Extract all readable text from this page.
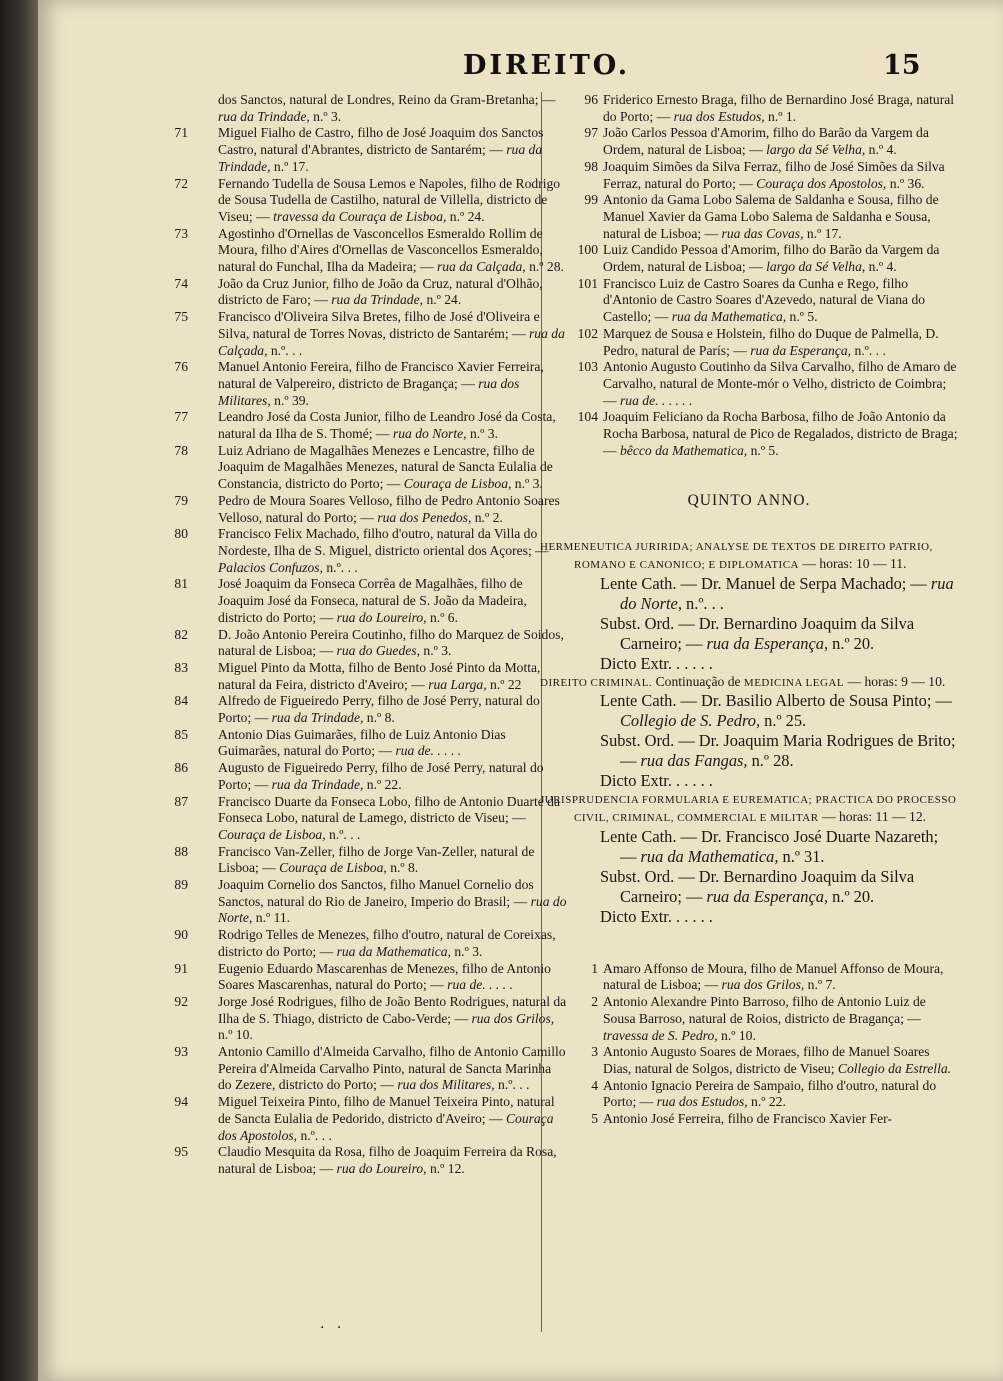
DIREITO.	15

dos Sanctos, natural de Londres, Reino da Gram-Bretanha; — rua da Trindade, n.º 3.

71 Miguel Fialho de Castro, filho de José Joaquim dos Sanctos Castro, natural d'Abrantes, districto de Santarém; — rua da Trindade, n.º 17.

72 Fernando Tudella de Sousa Lemos e Napoles, filho de Rodrigo de Sousa Tudella de Castilho, natural de Villella, districto de Viseu; — travessa da Couraça de Lisboa, n.º 24.

73 Agostinho d'Ornellas de Vasconcellos Esmeraldo Rollim de Moura, filho d'Aires d'Ornellas de Vasconcellos Esmeraldo, natural do Funchal, Ilha da Madeira; — rua da Calçada, n.º 28.

74 João da Cruz Junior, filho de João da Cruz, natural d'Olhão, districto de Faro; — rua da Trindade, n.º 24.

75 Francisco d'Oliveira Silva Bretes, filho de José d'Oliveira e Silva, natural de Torres Novas, districto de Santarém; — rua da Calçada, n.º. . .

76 Manuel Antonio Fereira, filho de Francisco Xavier Ferreira, natural de Valpereiro, districto de Bragança; — rua dos Militares, n.º 39.

77 Leandro José da Costa Junior, filho de Leandro José da Costa, natural da Ilha de S. Thomé; — rua do Norte, n.º 3.

78 Luiz Adriano de Magalhães Menezes e Lencastre, filho de Joaquim de Magalhães Menezes, natural de Sancta Eulalia de Constancia, districto do Porto; — Couraça de Lisboa, n.º 3.

79 Pedro de Moura Soares Velloso, filho de Pedro Antonio Soares Velloso, natural do Porto; — rua dos Penedos, n.º 2.

80 Francisco Felix Machado, filho d'outro, natural da Villa do Nordeste, Ilha de S. Miguel, districto oriental dos Açores; — Palacios Confuzos, n.º. . .

81 José Joaquim da Fonseca Corrêa de Magalhães, filho de Joaquim José da Fonseca, natural de S. João da Madeira, districto do Porto; — rua do Loureiro, n.º 6.

82 D. João Antonio Pereira Coutinho, filho do Marquez de Soidos, natural de Lisboa; — rua do Guedes, n.º 3.

83 Miguel Pinto da Motta, filho de Bento José Pinto da Motta, natural da Feira, districto d'Aveiro; — rua Larga, n.º 22

84 Alfredo de Figueiredo Perry, filho de José Perry, natural do Porto; — rua da Trindade, n.º 8.

85 Antonio Dias Guimarães, filho de Luiz Antonio Dias Guimarães, natural do Porto; — rua de. . . . .

86 Augusto de Figueiredo Perry, filho de José Perry, natural do Porto; — rua da Trindade, n.º 22.

87 Francisco Duarte da Fonseca Lobo, filho de Antonio Duarte da Fonseca Lobo, natural de Lamego, districto de Viseu; — Couraça de Lisboa, n.º. . .

88 Francisco Van-Zeller, filho de Jorge Van-Zeller, natural de Lisboa; — Couraça de Lisboa, n.º 8.

89 Joaquim Cornelio dos Sanctos, filho Manuel Cornelio dos Sanctos, natural do Rio de Janeiro, Imperio do Brasil; — rua do Norte, n.º 11.

90 Rodrigo Telles de Menezes, filho d'outro, natural de Coreixas, districto do Porto; — rua da Mathematica, n.º 3.

91 Eugenio Eduardo Mascarenhas de Menezes, filho de Antonio Soares Mascarenhas, natural do Porto; — rua de. . . . .

92 Jorge José Rodrigues, filho de João Bento Rodrigues, natural da Ilha de S. Thiago, districto de Cabo-Verde; — rua dos Grilos, n.º 10.

93 Antonio Camillo d'Almeida Carvalho, filho de Antonio Camillo Pereira d'Almeida Carvalho Pinto, natural de Sancta Marinha do Zezere, districto do Porto; — rua dos Militares, n.º. . .

94 Miguel Teixeira Pinto, filho de Manuel Teixeira Pinto, natural de Sancta Eulalia de Pedorido, districto d'Aveiro; — Couraça dos Apostolos, n.º. . .

95 Claudio Mesquita da Rosa, filho de Joaquim Ferreira da Rosa, natural de Lisboa; — rua do Loureiro, n.º 12.

96 Friderico Ernesto Braga, filho de Bernardino José Braga, natural do Porto; — rua dos Estudos, n.º 1.

97 João Carlos Pessoa d'Amorim, filho do Barão da Vargem da Ordem, natural de Lisboa; — largo da Sé Velha, n.º 4.

98 Joaquim Simões da Silva Ferraz, filho de José Simões da Silva Ferraz, natural do Porto; — Couraça dos Apostolos, n.º 36.

99 Antonio da Gama Lobo Salema de Saldanha e Sousa, filho de Manuel Xavier da Gama Lobo Salema de Saldanha e Sousa, natural de Lisboa; — rua das Covas, n.º 17.

100 Luiz Candido Pessoa d'Amorim, filho do Barão da Vargem da Ordem, natural de Lisboa; — largo da Sé Velha, n.º 4.

101 Francisco Luiz de Castro Soares da Cunha e Rego, filho d'Antonio de Castro Soares d'Azevedo, natural de Viana do Castello; — rua da Mathematica, n.º 5.

102 Marquez de Sousa e Holstein, filho do Duque de Palmella, D. Pedro, natural de París; — rua da Esperança, n.º. . .

103 Antonio Augusto Coutinho da Silva Carvalho, filho de Amaro de Carvalho, natural de Monte-mór o Velho, districto de Coimbra; — rua de. . . . . .

104 Joaquim Feliciano da Rocha Barbosa, filho de João Antonio da Rocha Barbosa, natural de Pico de Regalados, districto de Braga; — bêcco da Mathematica, n.º 5.

QUINTO ANNO.

HERMENEUTICA JURIRIDA; ANALYSE DE TEXTOS DE DIREITO PATRIO, ROMANO E CANONICO; E DIPLOMATICA — horas: 10 — 11.

Lente Cath. — Dr. Manuel de Serpa Machado; — rua do Norte, n.º. . .

Subst. Ord. — Dr. Bernardino Joaquim da Silva Carneiro; — rua da Esperança, n.º 20.

Dicto Extr. . . . . .

DIREITO CRIMINAL. Continuação de MEDICINA LEGAL — horas: 9 — 10.

Lente Cath. — Dr. Basilio Alberto de Sousa Pinto; — Collegio de S. Pedro, n.º 25.

Subst. Ord. — Dr. Joaquim Maria Rodrigues de Brito; — rua das Fangas, n.º 28.

Dicto Extr. . . . . .

JURISPRUDENCIA FORMULARIA E EUREMATICA; PRACTICA DO PROCESSO CIVIL, CRIMINAL, COMMERCIAL E MILITAR — horas: 11 — 12.

Lente Cath. — Dr. Francisco José Duarte Nazareth; — rua da Mathematica, n.º 31.

Subst. Ord. — Dr. Bernardino Joaquim da Silva Carneiro; — rua da Esperança, n.º 20.

Dicto Extr. . . . . .

1 Amaro Affonso de Moura, filho de Manuel Affonso de Moura, natural de Lisboa; — rua dos Grilos, n.º 7.

2 Antonio Alexandre Pinto Barroso, filho de Antonio Luiz de Sousa Barroso, natural de Roios, districto de Bragança; — travessa de S. Pedro, n.º 10.

3 Antonio Augusto Soares de Moraes, filho de Manuel Soares Dias, natural de Solgos, districto de Viseu; Collegio da Estrella.

4 Antonio Ignacio Pereira de Sampaio, filho d'outro, natural do Porto; — rua dos Estudos, n.º 22.

5 Antonio José Ferreira, filho de Francisco Xavier Fer-

. .
